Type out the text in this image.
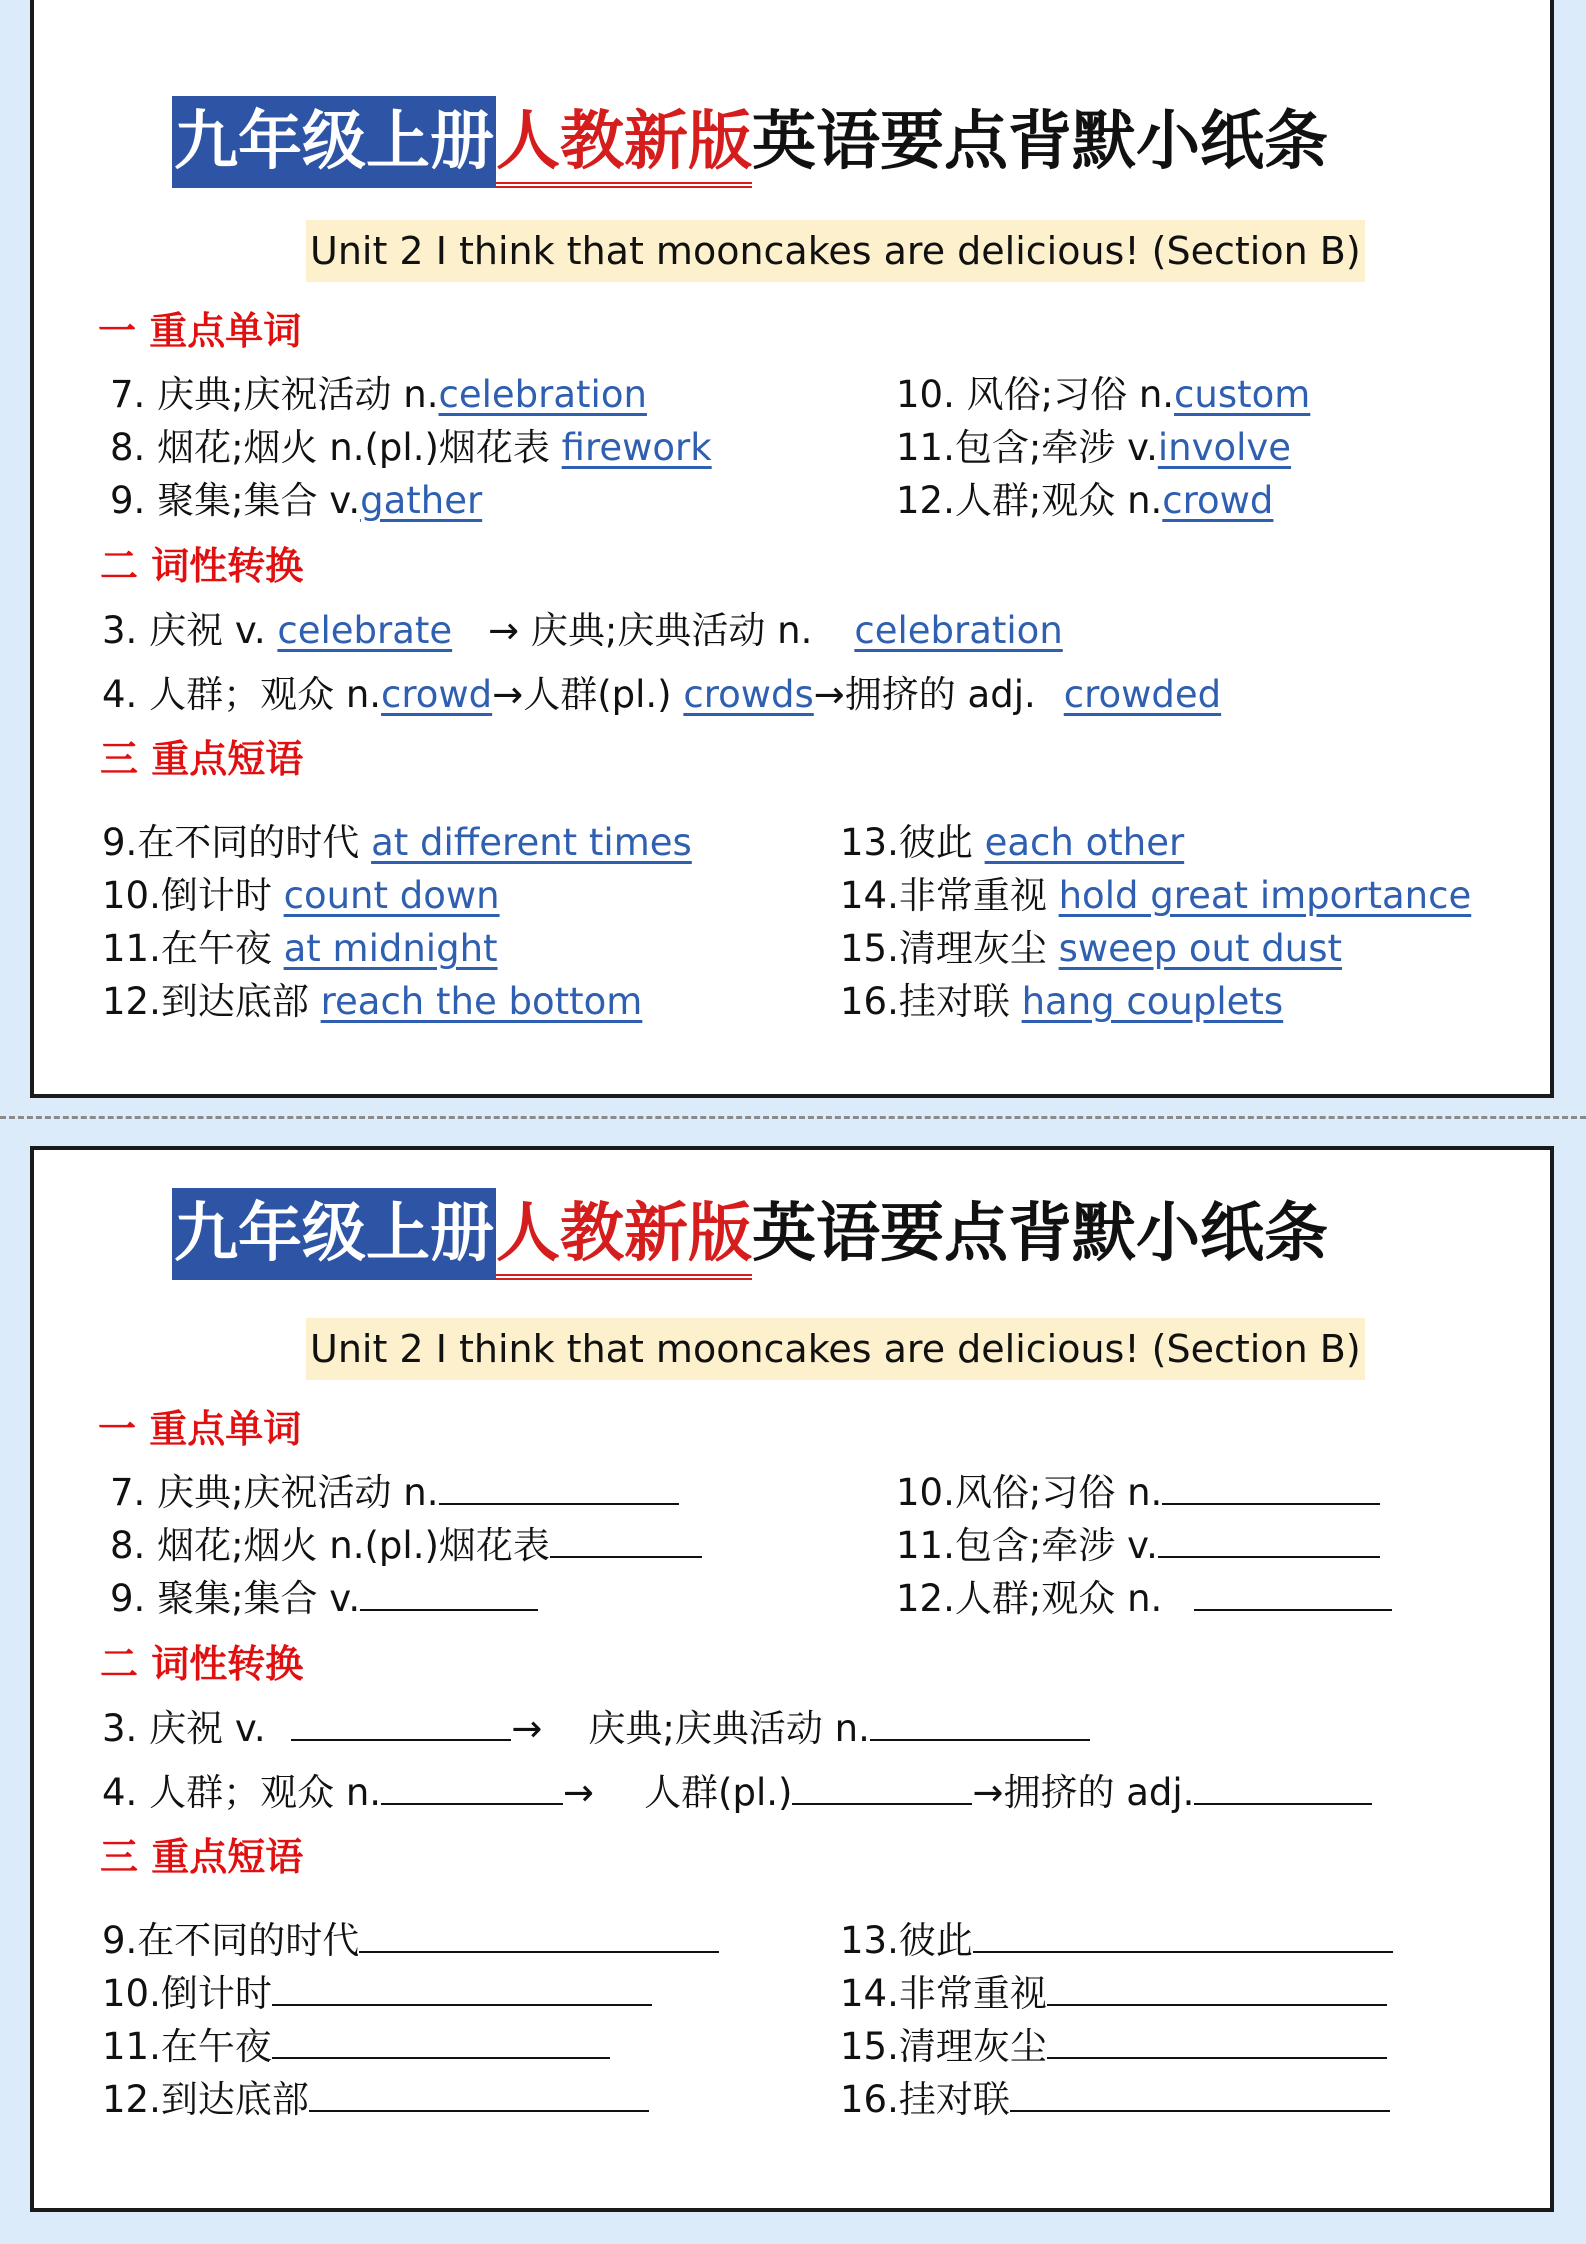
九年级上册人教新版英语要点背默小纸条
Unit 2 I think that mooncakes are delicious! (Section B)
一 重点单词
7. 庆典;庆祝活动 n.celebration
8. 烟花;烟火 n.(pl.)烟花表 firework
9. 聚集;集合 v.gather
10. 风俗;习俗 n.custom
11.包含;牵涉 v.involve
12.人群;观众 n.crowd
二 词性转换
3. 庆祝 v. celebrate → 庆典;庆典活动 n. celebration
4. 人群；观众 n.crowd→人群(pl.) crowds→拥挤的 adj. crowded
三 重点短语
9.在不同的时代 at different times
10.倒计时 count down
11.在午夜 at midnight
12.到达底部 reach the bottom
13.彼此 each other
14.非常重视 hold great importance
15.清理灰尘 sweep out dust
16.挂对联 hang couplets
九年级上册人教新版英语要点背默小纸条
Unit 2 I think that mooncakes are delicious! (Section B)
一 重点单词
7. 庆典;庆祝活动 n.
8. 烟花;烟火 n.(pl.)烟花表
9. 聚集;集合 v.
10.风俗;习俗 n.
11.包含;牵涉 v.
12.人群;观众 n.
二 词性转换
3. 庆祝 v.	→ 庆典;庆典活动 n.
4. 人群；观众 n.	→ 人群(pl.)	→拥挤的 adj.
三 重点短语
9.在不同的时代
10.倒计时
11.在午夜
12.到达底部
13.彼此
14.非常重视
15.清理灰尘
16.挂对联
